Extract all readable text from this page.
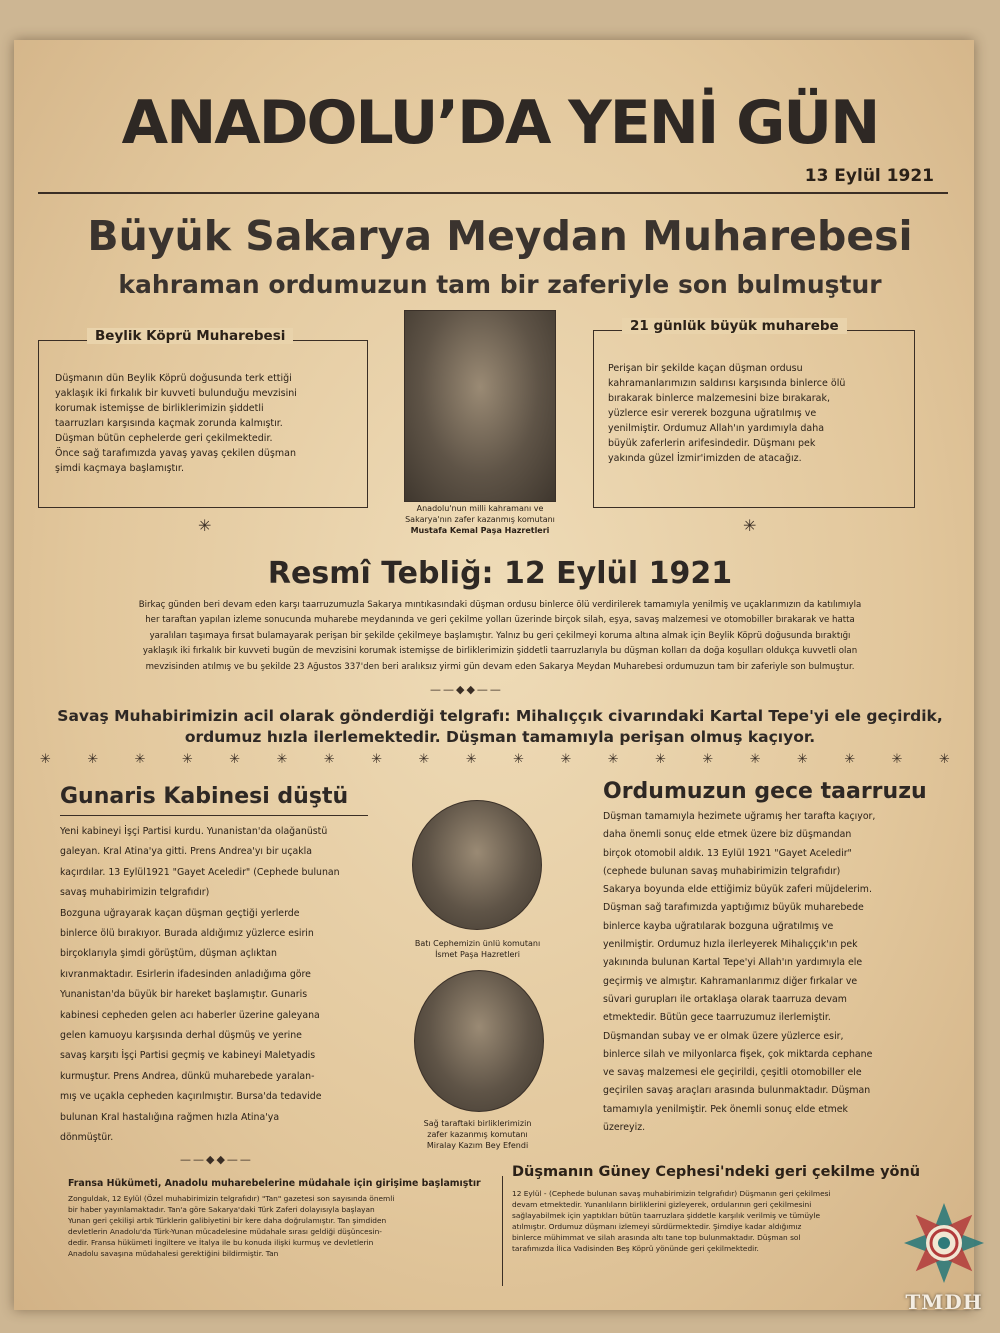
ANADOLU’DA YENİ GÜN
13 Eylül 1921
Büyük Sakarya Meydan Muharebesi
kahraman ordumuzun tam bir zaferiyle son bulmuştur
Beylik Köprü Muharebesi
Düşmanın dün Beylik Köprü doğusunda terk ettiği
yaklaşık iki fırkalık bir kuvveti bulunduğu mevzisini
korumak istemişse de birliklerimizin şiddetli
taarruzları karşısında kaçmak zorunda kalmıştır.
Düşman bütün cephelerde geri çekilmektedir.
Önce sağ tarafımızda yavaş yavaş çekilen düşman
şimdi kaçmaya başlamıştır.
Anadolu'nun milli kahramanı ve
Sakarya'nın zafer kazanmış komutanı
Mustafa Kemal Paşa Hazretleri
21 günlük büyük muharebe
Perişan bir şekilde kaçan düşman ordusu
kahramanlarımızın saldırısı karşısında binlerce ölü
bırakarak binlerce malzemesini bize bırakarak,
yüzlerce esir vererek bozguna uğratılmış ve
yenilmiştir. Ordumuz Allah'ın yardımıyla daha
büyük zaferlerin arifesindedir. Düşmanı pek
yakında güzel İzmir'imizden de atacağız.
✳	✳
Resmî Tebliğ: 12 Eylül 1921
Birkaç günden beri devam eden karşı taarruzumuzla Sakarya mıntıkasındaki düşman ordusu binlerce ölü verdirilerek tamamıyla yenilmiş ve uçaklarımızın da katılımıyla
her taraftan yapılan izleme sonucunda muharebe meydanında ve geri çekilme yolları üzerinde birçok silah, eşya, savaş malzemesi ve otomobiller bırakarak ve hatta
yaralıları taşımaya fırsat bulamayarak perişan bir şekilde çekilmeye başlamıştır. Yalnız bu geri çekilmeyi koruma altına almak için Beylik Köprü doğusunda bıraktığı
yaklaşık iki fırkalık bir kuvveti bugün de mevzisini korumak istemişse de birliklerimizin şiddetli taarruzlarıyla bu düşman kolları da doğa koşulları oldukça kuvvetli olan
mevzisinden atılmış ve bu şekilde 23 Ağustos 337'den beri aralıksız yirmi gün devam eden Sakarya Meydan Muharebesi ordumuzun tam bir zaferiyle son bulmuştur.
——◆◆——
Savaş Muhabirimizin acil olarak gönderdiği telgrafı: Mihalıççık civarındaki Kartal Tepe'yi ele geçirdik,
ordumuz hızla ilerlemektedir. Düşman tamamıyla perişan olmuş kaçıyor.
✳	✳	✳	✳	✳	✳	✳	✳	✳	✳	✳	✳	✳	✳	✳	✳	✳	✳	✳	✳
Gunaris Kabinesi düştü
Yeni kabineyi İşçi Partisi kurdu. Yunanistan'da olağanüstü
galeyan. Kral Atina'ya gitti. Prens Andrea'yı bir uçakla
kaçırdılar. 13 Eylül1921 "Gayet Aceledir" (Cephede bulunan
savaş muhabirimizin telgrafıdır)
Bozguna uğrayarak kaçan düşman geçtiği yerlerde
binlerce ölü bırakıyor. Burada aldığımız yüzlerce esirin
birçoklarıyla şimdi görüştüm, düşman açlıktan
kıvranmaktadır. Esirlerin ifadesinden anladığıma göre
Yunanistan'da büyük bir hareket başlamıştır. Gunaris
kabinesi cepheden gelen acı haberler üzerine galeyana
gelen kamuoyu karşısında derhal düşmüş ve yerine
savaş karşıtı İşçi Partisi geçmiş ve kabineyi Maletyadis
kurmuştur. Prens Andrea, dünkü muharebede yaralan-
mış ve uçakla cepheden kaçırılmıştır. Bursa'da tedavide
bulunan Kral hastalığına rağmen hızla Atina'ya
dönmüştür.
Batı Cephemizin ünlü komutanı
İsmet Paşa Hazretleri
Sağ taraftaki birliklerimizin
zafer kazanmış komutanı
Miralay Kazım Bey Efendi
Ordumuzun gece taarruzu
Düşman tamamıyla hezimete uğramış her tarafta kaçıyor,
daha önemli sonuç elde etmek üzere biz düşmandan
birçok otomobil aldık. 13 Eylül 1921 "Gayet Aceledir"
(cephede bulunan savaş muhabirimizin telgrafıdır)
Sakarya boyunda elde ettiğimiz büyük zaferi müjdelerim.
Düşman sağ tarafımızda yaptığımız büyük muharebede
binlerce kayba uğratılarak bozguna uğratılmış ve
yenilmiştir. Ordumuz hızla ilerleyerek Mihalıççık'ın pek
yakınında bulunan Kartal Tepe'yi Allah'ın yardımıyla ele
geçirmiş ve almıştır. Kahramanlarımız diğer fırkalar ve
süvari gurupları ile ortaklaşa olarak taarruza devam
etmektedir. Bütün gece taarruzumuz ilerlemiştir.
Düşmandan subay ve er olmak üzere yüzlerce esir,
binlerce silah ve milyonlarca fişek, çok miktarda cephane
ve savaş malzemesi ele geçirildi, çeşitli otomobiller ele
geçirilen savaş araçları arasında bulunmaktadır. Düşman
tamamıyla yenilmiştir. Pek önemli sonuç elde etmek
üzereyiz.
——◆◆——
Fransa Hükümeti, Anadolu muharebelerine müdahale için girişime başlamıştır
Zonguldak, 12 Eylül (Özel muhabirimizin telgrafıdır) "Tan" gazetesi son sayısında önemli
bir haber yayınlamaktadır. Tan'a göre Sakarya'daki Türk Zaferi dolayısıyla başlayan
Yunan geri çekilişi artık Türklerin galibiyetini bir kere daha doğrulamıştır. Tan şimdiden
devletlerin Anadolu'da Türk-Yunan mücadelesine müdahale sırası geldiği düşüncesin-
dedir. Fransa hükümeti İngiltere ve İtalya ile bu konuda ilişki kurmuş ve devletlerin
Anadolu savaşına müdahalesi gerektiğini bildirmiştir. Tan
Düşmanın Güney Cephesi'ndeki geri çekilme yönü
12 Eylül - (Cephede bulunan savaş muhabirimizin telgrafıdır) Düşmanın geri çekilmesi
devam etmektedir. Yunanlıların birliklerini gizleyerek, ordularının geri çekilmesini
sağlayabilmek için yaptıkları bütün taarruzlara şiddetle karşılık verilmiş ve tümüyle
atılmıştır. Ordumuz düşmanı izlemeyi sürdürmektedir. Şimdiye kadar aldığımız
binlerce mühimmat ve silah arasında altı tane top bulunmaktadır. Düşman sol
tarafımızda İlica Vadisinden Beş Köprü yönünde geri çekilmektedir.
TMDH
